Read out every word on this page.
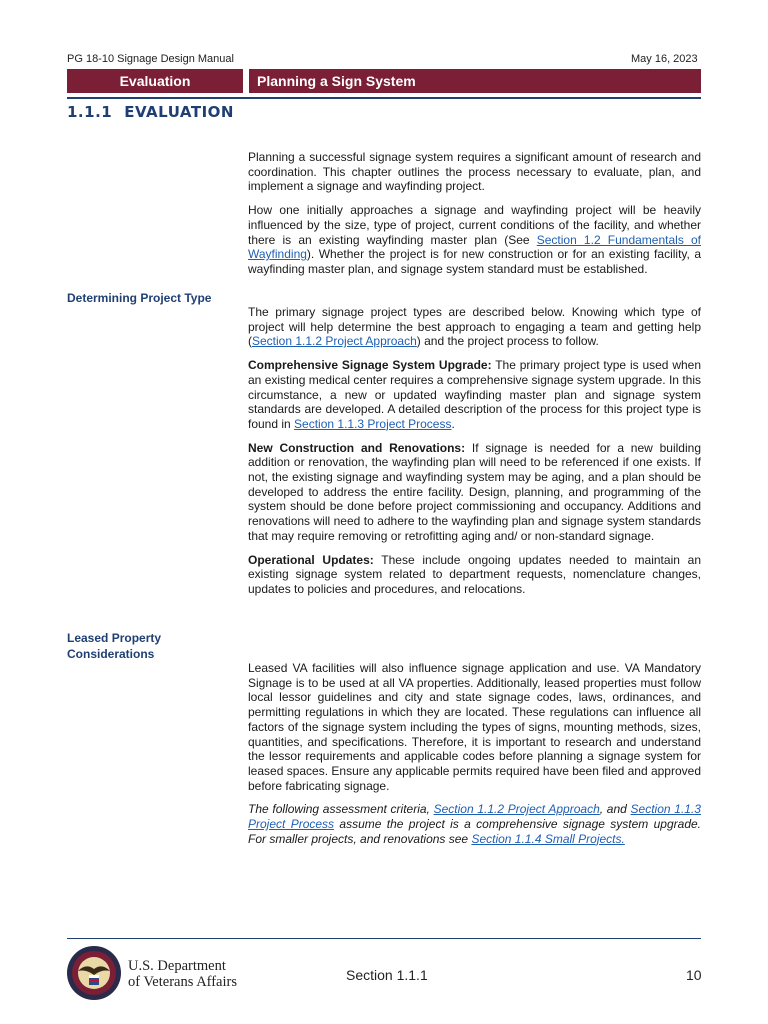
PG 18-10 Signage Design Manual	May 16, 2023
Evaluation	Planning a Sign System
1.1.1 EVALUATION

Planning a successful signage system requires a significant amount of research and coordination. This chapter outlines the process necessary to evaluate, plan, and implement a signage and wayfinding project.

How one initially approaches a signage and wayfinding project will be heavily influenced by the size, type of project, current conditions of the facility, and whether there is an existing wayfinding master plan (See Section 1.2 Fundamentals of Wayfinding). Whether the project is for new construction or for an existing facility, a wayfinding master plan, and signage system standard must be established.

Determining Project Type

The primary signage project types are described below. Knowing which type of project will help determine the best approach to engaging a team and getting help (Section 1.1.2 Project Approach) and the project process to follow.

Comprehensive Signage System Upgrade: The primary project type is used when an existing medical center requires a comprehensive signage system upgrade. In this circumstance, a new or updated wayfinding master plan and signage system standards are developed. A detailed description of the process for this project type is found in Section 1.1.3 Project Process.

New Construction and Renovations: If signage is needed for a new building addition or renovation, the wayfinding plan will need to be referenced if one exists. If not, the existing signage and wayfinding system may be aging, and a plan should be developed to address the entire facility. Design, planning, and programming of the system should be done before project commissioning and occupancy. Additions and renovations will need to adhere to the wayfinding plan and signage system standards that may require removing or retrofitting aging and/ or non-standard signage.

Operational Updates: These include ongoing updates needed to maintain an existing signage system related to department requests, nomenclature changes, updates to policies and procedures, and relocations.

Leased Property
Considerations

Leased VA facilities will also influence signage application and use. VA Mandatory Signage is to be used at all VA properties. Additionally, leased properties must follow local lessor guidelines and city and state signage codes, laws, ordinances, and permitting regulations in which they are located. These regulations can influence all factors of the signage system including the types of signs, mounting methods, sizes, quantities, and specifications. Therefore, it is important to research and understand the lessor requirements and applicable codes before planning a signage system for leased spaces. Ensure any applicable permits required have been filed and approved before fabricating signage.

The following assessment criteria, Section 1.1.2 Project Approach, and Section 1.1.3 Project Process assume the project is a comprehensive signage system upgrade. For smaller projects, and renovations see Section 1.1.4 Small Projects.

U.S. Department
of Veterans Affairs	Section 1.1.1	10
